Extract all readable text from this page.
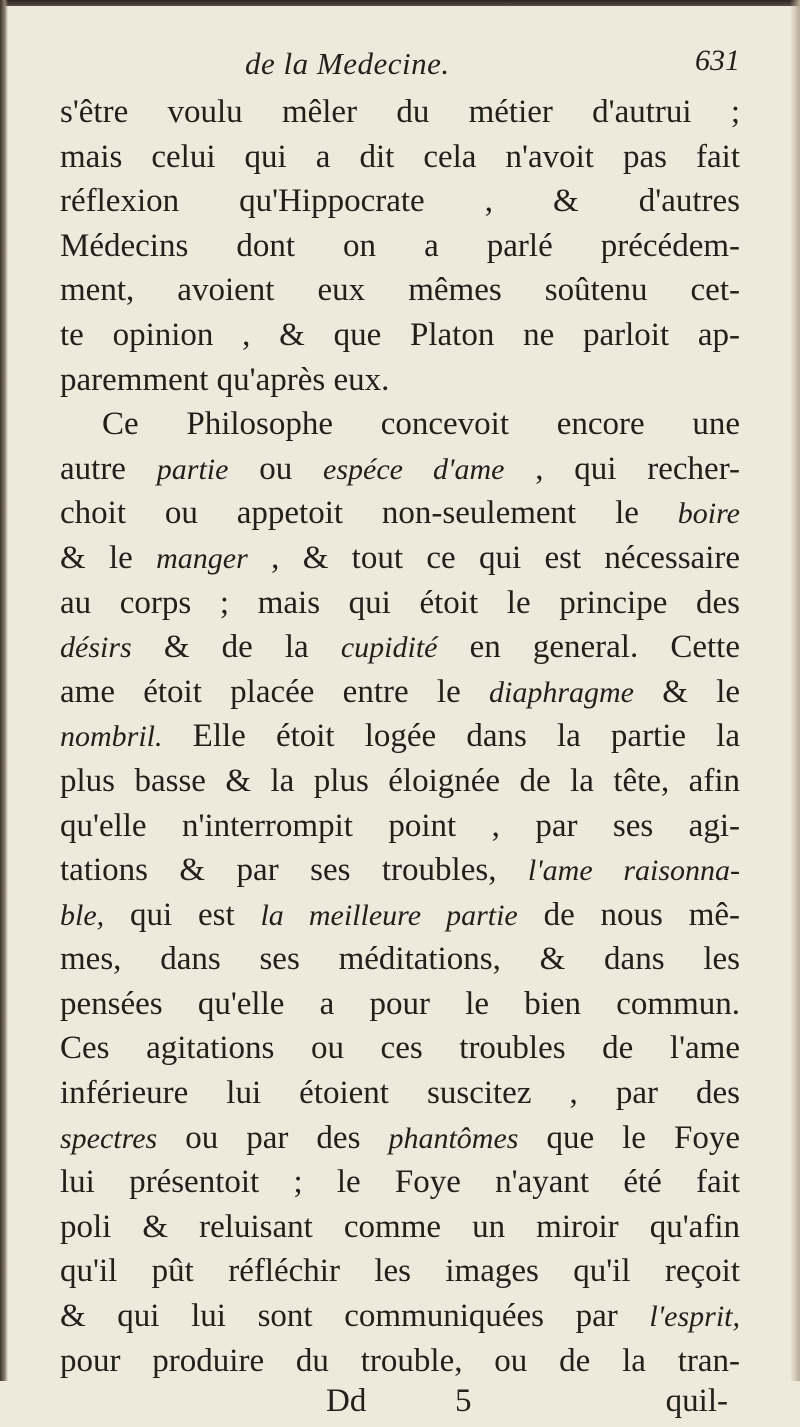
de la Medecine.	631
s'être voulu mêler du métier d'autrui ;
mais celui qui a dit cela n'avoit pas fait
réflexion qu'Hippocrate , & d'autres
Médecins dont on a parlé précédem-
ment, avoient eux mêmes soûtenu cet-
te opinion , & que Platon ne parloit ap-
paremment qu'après eux.
Ce Philosophe concevoit encore une
autre partie ou espéce d'ame , qui recher-
choit ou appetoit non-seulement le boire
& le manger , & tout ce qui est nécessaire
au corps ; mais qui étoit le principe des
désirs & de la cupidité en general. Cette
ame étoit placée entre le diaphragme & le
nombril. Elle étoit logée dans la partie la
plus basse & la plus éloignée de la tête, afin
qu'elle n'interrompit point , par ses agi-
tations & par ses troubles, l'ame raisonna-
ble, qui est la meilleure partie de nous mê-
mes, dans ses méditations, & dans les
pensées qu'elle a pour le bien commun.
Ces agitations ou ces troubles de l'ame
inférieure lui étoient suscitez , par des
spectres ou par des phantômes que le Foye
lui présentoit ; le Foye n'ayant été fait
poli & reluisant comme un miroir qu'afin
qu'il pût réfléchir les images qu'il reçoit
& qui lui sont communiquées par l'esprit,
pour produire du trouble, ou de la tran-
Dd	5	quil-
